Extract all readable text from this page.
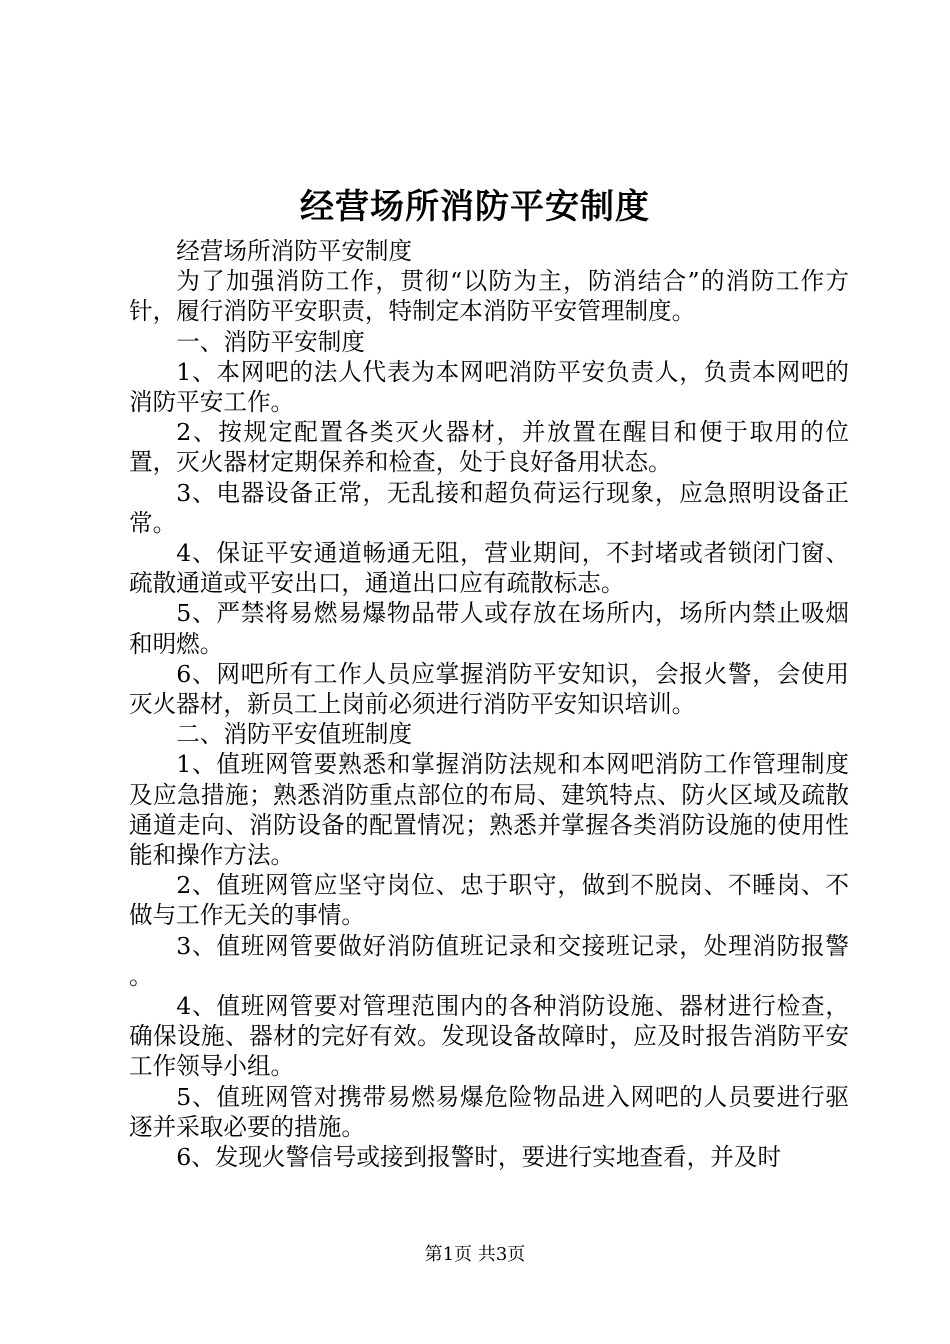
经营场所消防平安制度

经营场所消防平安制度

为了加强消防工作，贯彻“以防为主，防消结合”的消防工作方针，履行消防平安职责，特制定本消防平安管理制度。

一、消防平安制度

1、本网吧的法人代表为本网吧消防平安负责人，负责本网吧的消防平安工作。

2、按规定配置各类灭火器材，并放置在醒目和便于取用的位置，灭火器材定期保养和检查，处于良好备用状态。

3、电器设备正常，无乱接和超负荷运行现象，应急照明设备正常。

4、保证平安通道畅通无阻，营业期间，不封堵或者锁闭门窗、疏散通道或平安出口，通道出口应有疏散标志。

5、严禁将易燃易爆物品带人或存放在场所内，场所内禁止吸烟和明燃。

6、网吧所有工作人员应掌握消防平安知识，会报火警，会使用灭火器材，新员工上岗前必须进行消防平安知识培训。

二、消防平安值班制度

1、值班网管要熟悉和掌握消防法规和本网吧消防工作管理制度及应急措施；熟悉消防重点部位的布局、建筑特点、防火区域及疏散通道走向、消防设备的配置情况；熟悉并掌握各类消防设施的使用性能和操作方法。

2、值班网管应坚守岗位、忠于职守，做到不脱岗、不睡岗、不做与工作无关的事情。

3、值班网管要做好消防值班记录和交接班记录，处理消防报警　　。

4、值班网管要对管理范围内的各种消防设施、器材进行检查，确保设施、器材的完好有效。发现设备故障时，应及时报告消防平安工作领导小组。

5、值班网管对携带易燃易爆危险物品进入网吧的人员要进行驱逐并采取必要的措施。

6、发现火警信号或接到报警时，要进行实地查看，并及时

第1页 共3页
